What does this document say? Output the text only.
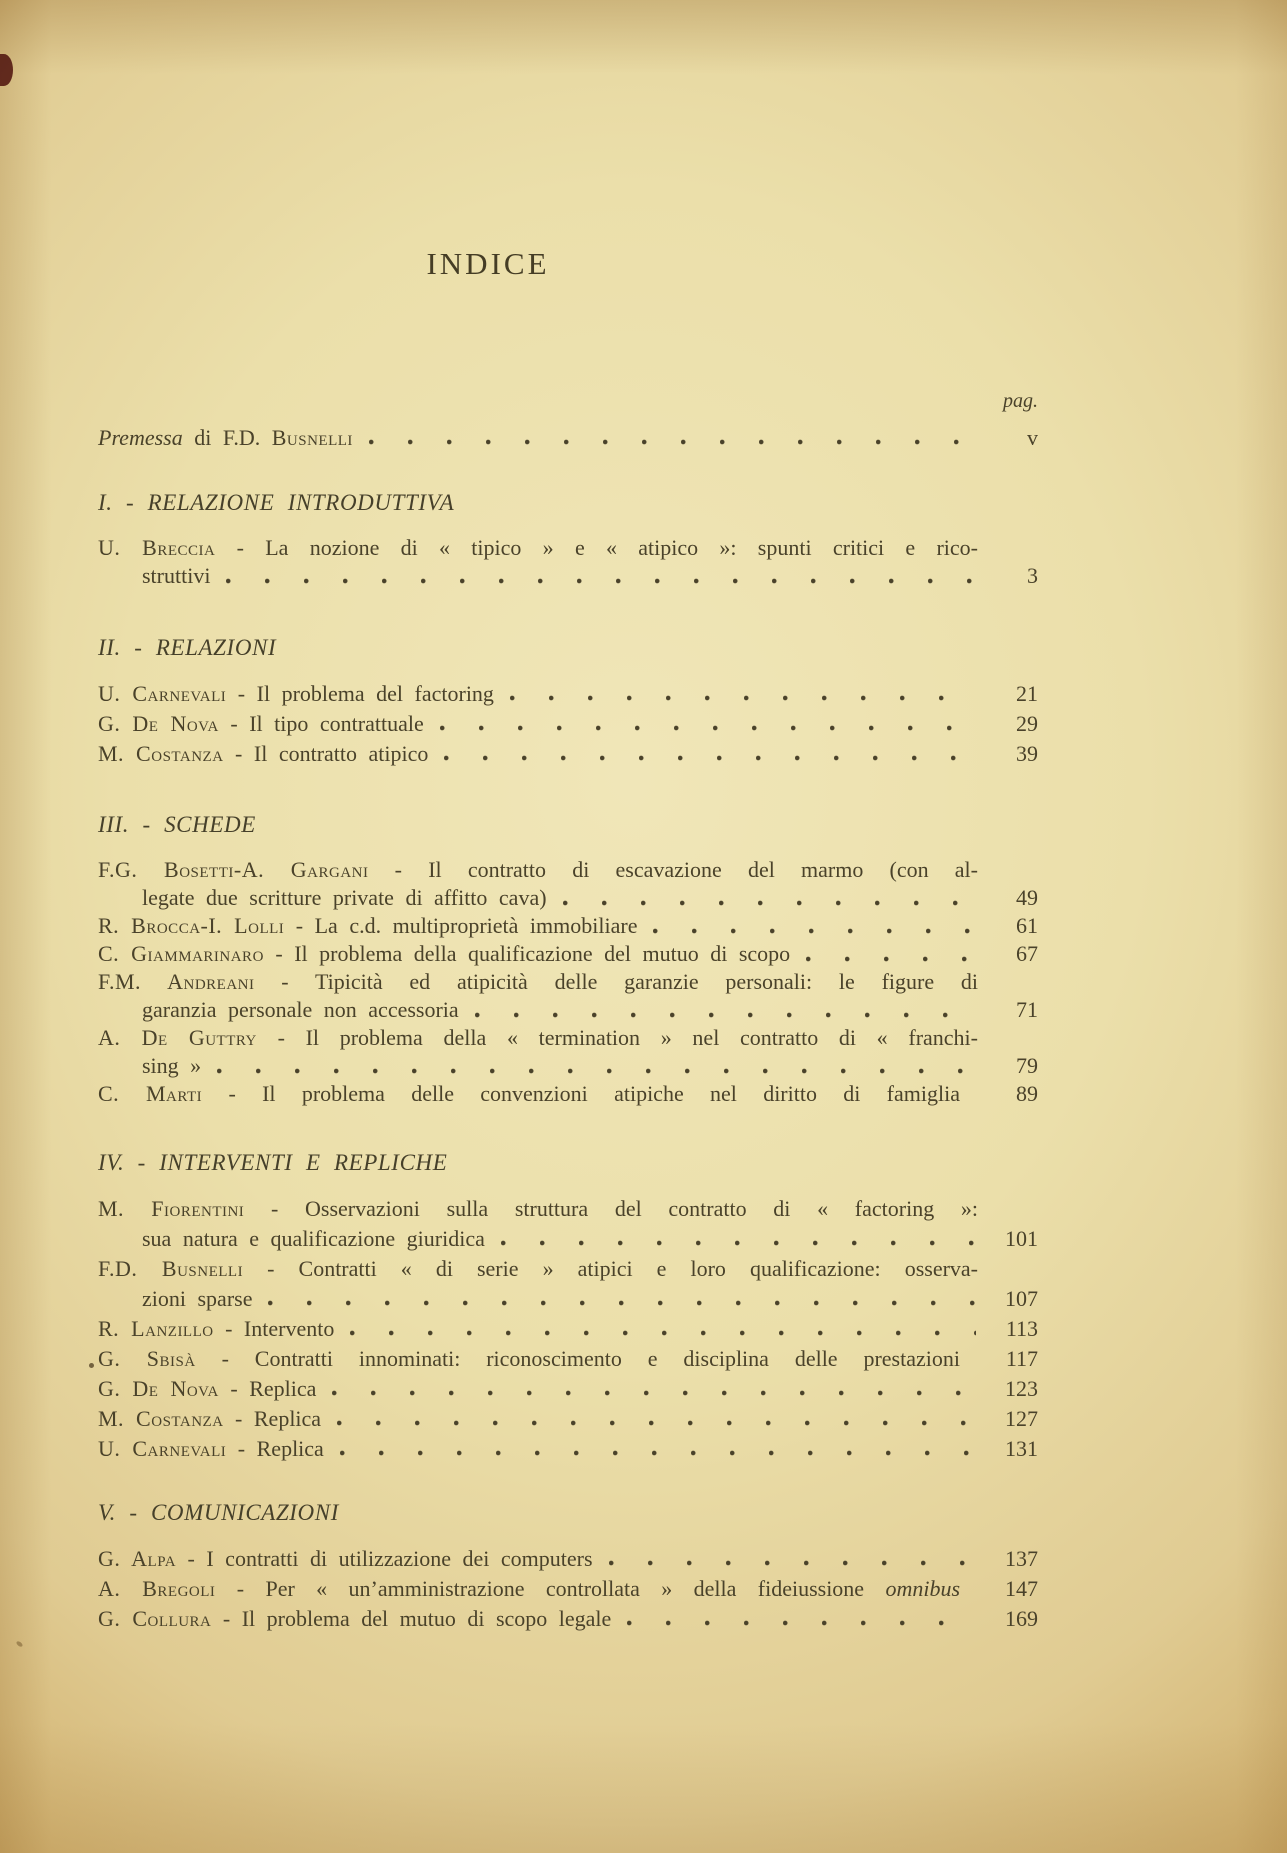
INDICE
pag.
Premessa di F.D. Busnelli	v
I. - RELAZIONE INTRODUTTIVA
U. Breccia - La nozione di « tipico » e « atipico »: spunti critici e rico-
struttivi	3
II. - RELAZIONI
U. Carnevali - Il problema del factoring	21
G. De Nova - Il tipo contrattuale	29
M. Costanza - Il contratto atipico	39
III. - SCHEDE
F.G. Bosetti-A. Gargani - Il contratto di escavazione del marmo (con al-
legate due scritture private di affitto cava)	49
R. Brocca-I. Lolli - La c.d. multiproprietà immobiliare	61
C. Giammarinaro - Il problema della qualificazione del mutuo di scopo	67
F.M. Andreani - Tipicità ed atipicità delle garanzie personali: le figure di
garanzia personale non accessoria	71
A. De Guttry - Il problema della « termination » nel contratto di « franchi-
sing »	79
C. Marti - Il problema delle convenzioni atipiche nel diritto di famiglia	89
IV. - INTERVENTI E REPLICHE
M. Fiorentini - Osservazioni sulla struttura del contratto di « factoring »:
sua natura e qualificazione giuridica	101
F.D. Busnelli - Contratti « di serie » atipici e loro qualificazione: osserva-
zioni sparse	107
R. Lanzillo - Intervento	113
G. Sbisà - Contratti innominati: riconoscimento e disciplina delle prestazioni	117
G. De Nova - Replica	123
M. Costanza - Replica	127
U. Carnevali - Replica	131
V. - COMUNICAZIONI
G. Alpa - I contratti di utilizzazione dei computers	137
A. Bregoli - Per « un’amministrazione controllata » della fideiussione omnibus	147
G. Collura - Il problema del mutuo di scopo legale	169
